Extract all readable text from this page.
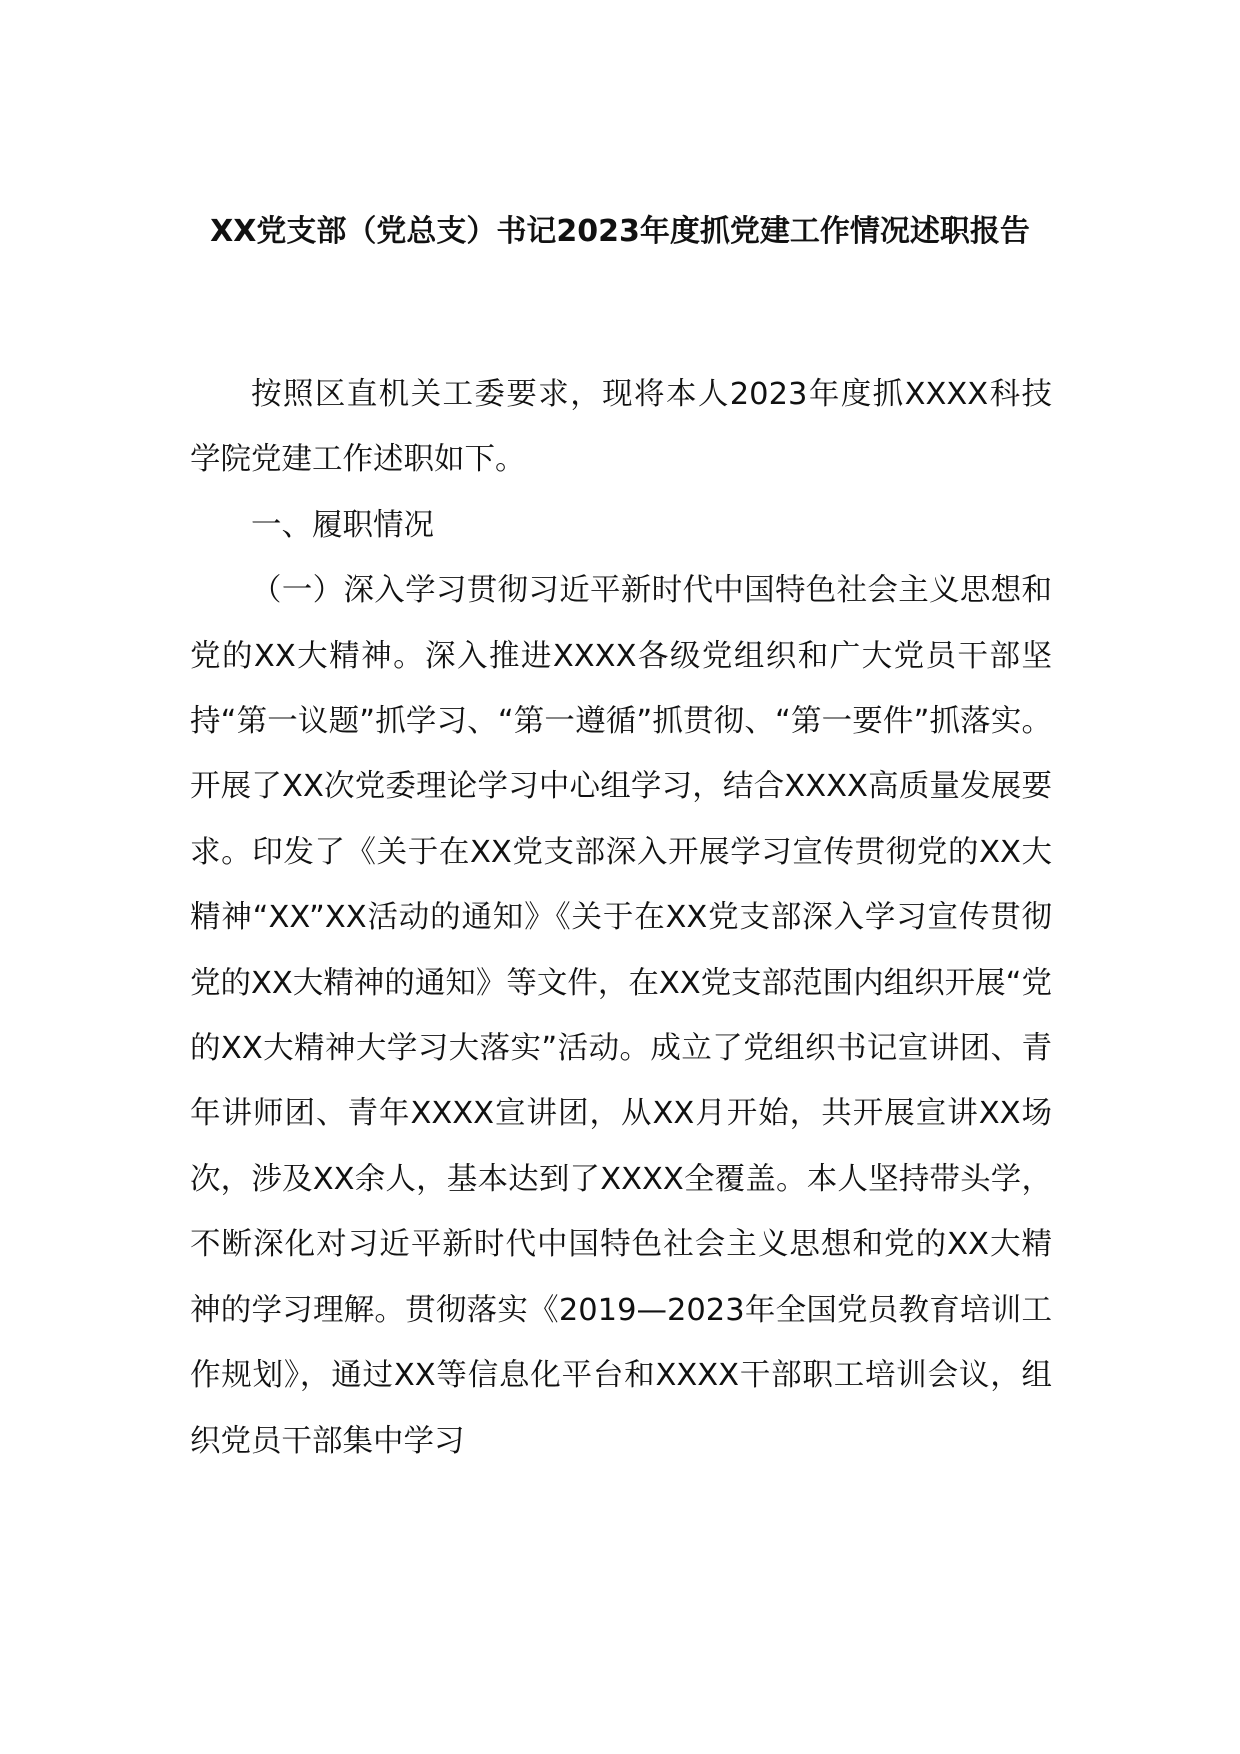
XX党支部（党总支）书记2023年度抓党建工作情况述职报告

按照区直机关工委要求，现将本人2023年度抓XXXX科技学院党建工作述职如下。

一、履职情况

（一）深入学习贯彻习近平新时代中国特色社会主义思想和党的XX大精神。深入推进XXXX各级党组织和广大党员干部坚持“第一议题”抓学习、“第一遵循”抓贯彻、“第一要件”抓落实。开展了XX次党委理论学习中心组学习，结合XXXX高质量发展要求。印发了《关于在XX党支部深入开展学习宣传贯彻党的XX大精神“XX”XX活动的通知》《关于在XX党支部深入学习宣传贯彻党的XX大精神的通知》等文件，在XX党支部范围内组织开展“党的XX大精神大学习大落实”活动。成立了党组织书记宣讲团、青年讲师团、青年XXXX宣讲团，从XX月开始，共开展宣讲XX场次，涉及XX余人，基本达到了XXXX全覆盖。本人坚持带头学，不断深化对习近平新时代中国特色社会主义思想和党的XX大精神的学习理解。贯彻落实《2019—2023年全国党员教育培训工作规划》，通过XX等信息化平台和XXXX干部职工培训会议，组织党员干部集中学习
